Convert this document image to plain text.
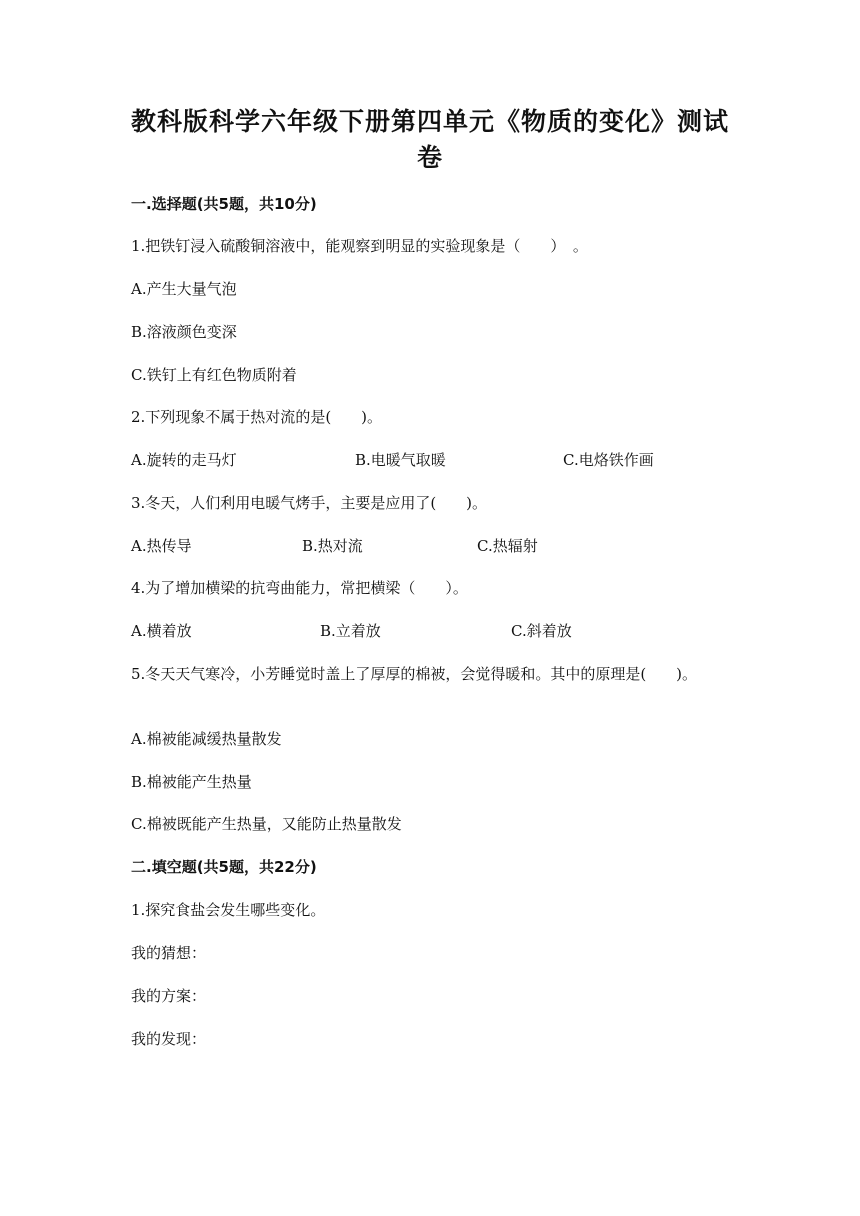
教科版科学六年级下册第四单元《物质的变化》测试卷
一.选择题(共5题，共10分)
1.把铁钉浸入硫酸铜溶液中，能观察到明显的实验现象是（　　）　。
A.产生大量气泡
B.溶液颜色变深
C.铁钉上有红色物质附着
2.下列现象不属于热对流的是(　　)。
A.旋转的走马灯	B.电暖气取暖	C.电烙铁作画
3.冬天，人们利用电暖气烤手，主要是应用了(　　)。
A.热传导	B.热对流	C.热辐射
4.为了增加横梁的抗弯曲能力，常把横梁（　　）。
A.横着放	B.立着放	C.斜着放
5.冬天天气寒冷，小芳睡觉时盖上了厚厚的棉被，会觉得暖和。其中的原理是(　　)。
A.棉被能减缓热量散发
B.棉被能产生热量
C.棉被既能产生热量，又能防止热量散发
二.填空题(共5题，共22分)
1.探究食盐会发生哪些变化。
我的猜想：
我的方案：
我的发现：
